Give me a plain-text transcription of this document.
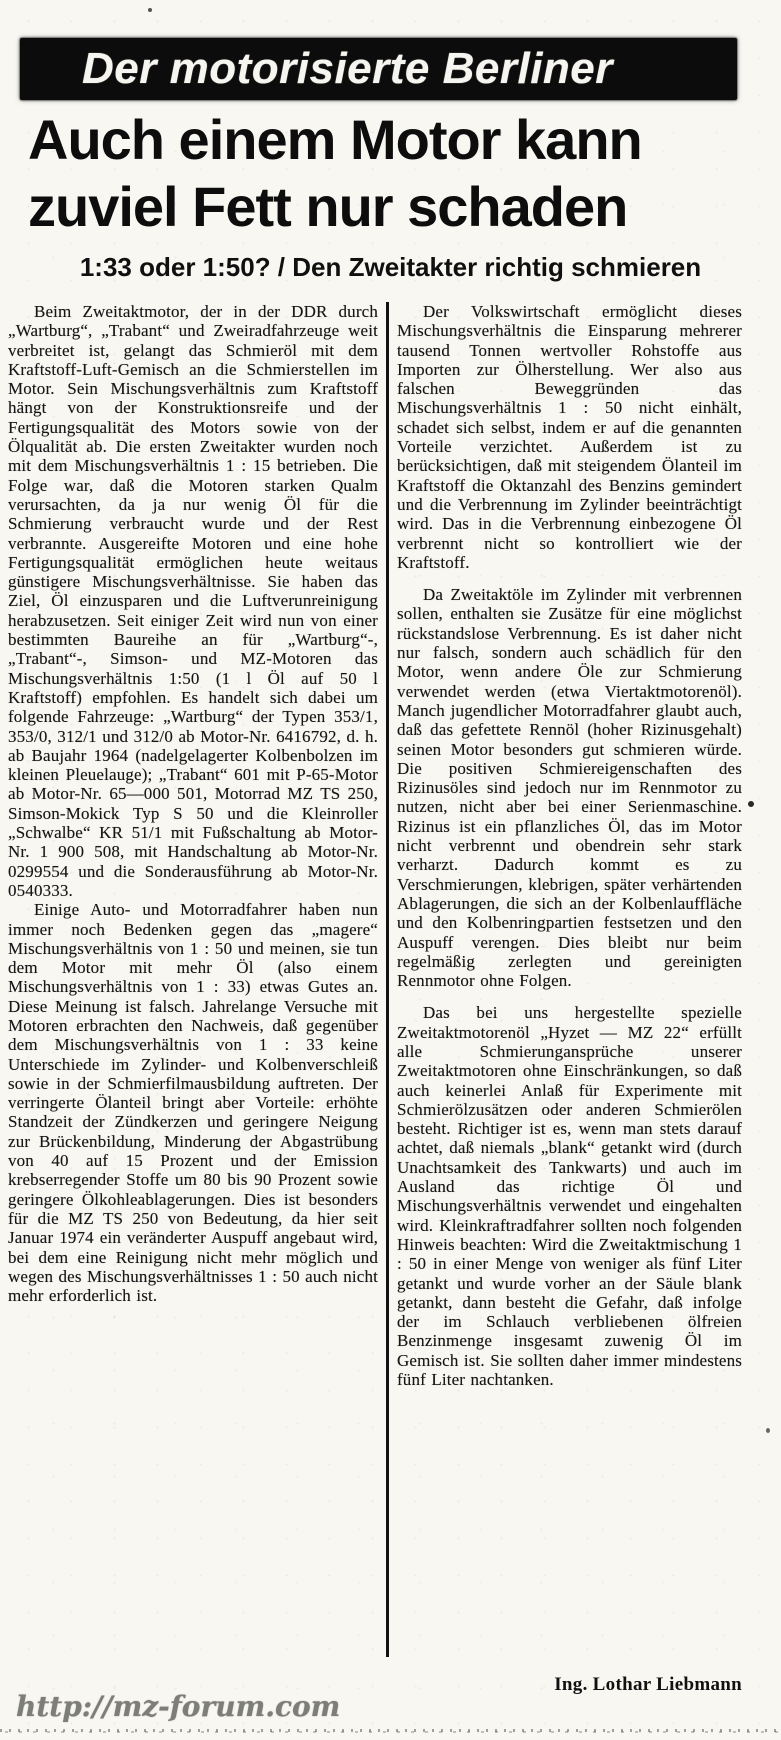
Der motorisierte Berliner
Auch einem Motor kann
zuviel Fett nur schaden
1:33 oder 1:50? / Den Zweitakter richtig schmieren

Beim Zweitaktmotor, der in der DDR durch „Wartburg“, „Trabant“ und Zweiradfahrzeuge weit verbreitet ist, gelangt das Schmieröl mit dem Kraftstoff-Luft-Gemisch an die Schmierstellen im Motor. Sein Mischungsverhältnis zum Kraftstoff hängt von der Konstruktionsreife und der Fertigungsqualität des Motors sowie von der Ölqualität ab. Die ersten Zweitakter wurden noch mit dem Mischungsverhältnis 1 : 15 betrieben. Die Folge war, daß die Motoren starken Qualm verursachten, da ja nur wenig Öl für die Schmierung verbraucht wurde und der Rest verbrannte. Ausgereifte Motoren und eine hohe Fertigungsqualität ermöglichen heute weitaus günstigere Mischungsverhältnisse. Sie haben das Ziel, Öl einzusparen und die Luftverunreinigung herabzusetzen. Seit einiger Zeit wird nun von einer bestimmten Baureihe an für „Wartburg“-, „Trabant“-, Simson- und MZ-Motoren das Mischungsverhältnis 1:50 (1 l Öl auf 50 l Kraftstoff) empfohlen. Es handelt sich dabei um folgende Fahrzeuge: „Wartburg“ der Typen 353/1, 353/0, 312/1 und 312/0 ab Motor-Nr. 6416792, d. h. ab Baujahr 1964 (nadelgelagerter Kolbenbolzen im kleinen Pleuelauge); „Trabant“ 601 mit P-65-Motor ab Motor-Nr. 65—000 501, Motorrad MZ TS 250, Simson-Mokick Typ S 50 und die Kleinroller „Schwalbe“ KR 51/1 mit Fußschaltung ab Motor-Nr. 1 900 508, mit Handschaltung ab Motor-Nr. 0299554 und die Sonderausführung ab Motor-Nr. 0540333.

Einige Auto- und Motorradfahrer haben nun immer noch Bedenken gegen das „magere“ Mischungsverhältnis von 1 : 50 und meinen, sie tun dem Motor mit mehr Öl (also einem Mischungsverhältnis von 1 : 33) etwas Gutes an. Diese Meinung ist falsch. Jahrelange Versuche mit Motoren erbrachten den Nachweis, daß gegenüber dem Mischungsverhältnis von 1 : 33 keine Unterschiede im Zylinder- und Kolbenverschleiß sowie in der Schmierfilmausbildung auftreten. Der verringerte Ölanteil bringt aber Vorteile: erhöhte Standzeit der Zündkerzen und geringere Neigung zur Brückenbildung, Minderung der Abgastrübung von 40 auf 15 Prozent und der Emission krebserregender Stoffe um 80 bis 90 Prozent sowie geringere Ölkohleablagerungen. Dies ist besonders für die MZ TS 250 von Bedeutung, da hier seit Januar 1974 ein veränderter Auspuff angebaut wird, bei dem eine Reinigung nicht mehr möglich und wegen des Mischungsverhältnisses 1 : 50 auch nicht mehr erforderlich ist.

Der Volkswirtschaft ermöglicht dieses Mischungsverhältnis die Einsparung mehrerer tausend Tonnen wertvoller Rohstoffe aus Importen zur Ölherstellung. Wer also aus falschen Beweggründen das Mischungsverhältnis 1 : 50 nicht einhält, schadet sich selbst, indem er auf die genannten Vorteile verzichtet. Außerdem ist zu berücksichtigen, daß mit steigendem Ölanteil im Kraftstoff die Oktanzahl des Benzins gemindert und die Verbrennung im Zylinder beeinträchtigt wird. Das in die Verbrennung einbezogene Öl verbrennt nicht so kontrolliert wie der Kraftstoff.

Da Zweitaktöle im Zylinder mit verbrennen sollen, enthalten sie Zusätze für eine möglichst rückstandslose Verbrennung. Es ist daher nicht nur falsch, sondern auch schädlich für den Motor, wenn andere Öle zur Schmierung verwendet werden (etwa Viertaktmotorenöl). Manch jugendlicher Motorradfahrer glaubt auch, daß das gefettete Rennöl (hoher Rizinusgehalt) seinen Motor besonders gut schmieren würde. Die positiven Schmiereigenschaften des Rizinusöles sind jedoch nur im Rennmotor zu nutzen, nicht aber bei einer Serienmaschine. Rizinus ist ein pflanzliches Öl, das im Motor nicht verbrennt und obendrein sehr stark verharzt. Dadurch kommt es zu Verschmierungen, klebrigen, später verhärtenden Ablagerungen, die sich an der Kolbenlauffläche und den Kolbenringpartien festsetzen und den Auspuff verengen. Dies bleibt nur beim regelmäßig zerlegten und gereinigten Rennmotor ohne Folgen.

Das bei uns hergestellte spezielle Zweitaktmotorenöl „Hyzet — MZ 22“ erfüllt alle Schmierungansprüche unserer Zweitaktmotoren ohne Einschränkungen, so daß auch keinerlei Anlaß für Experimente mit Schmierölzusätzen oder anderen Schmierölen besteht. Richtiger ist es, wenn man stets darauf achtet, daß niemals „blank“ getankt wird (durch Unachtsamkeit des Tankwarts) und auch im Ausland das richtige Öl und Mischungsverhältnis verwendet und eingehalten wird. Kleinkraftradfahrer sollten noch folgenden Hinweis beachten: Wird die Zweitaktmischung 1 : 50 in einer Menge von weniger als fünf Liter getankt und wurde vorher an der Säule blank getankt, dann besteht die Gefahr, daß infolge der im Schlauch verbliebenen ölfreien Benzinmenge insgesamt zuwenig Öl im Gemisch ist. Sie sollten daher immer mindestens fünf Liter nachtanken.

Ing. Lothar Liebmann
http://mz-forum.com
